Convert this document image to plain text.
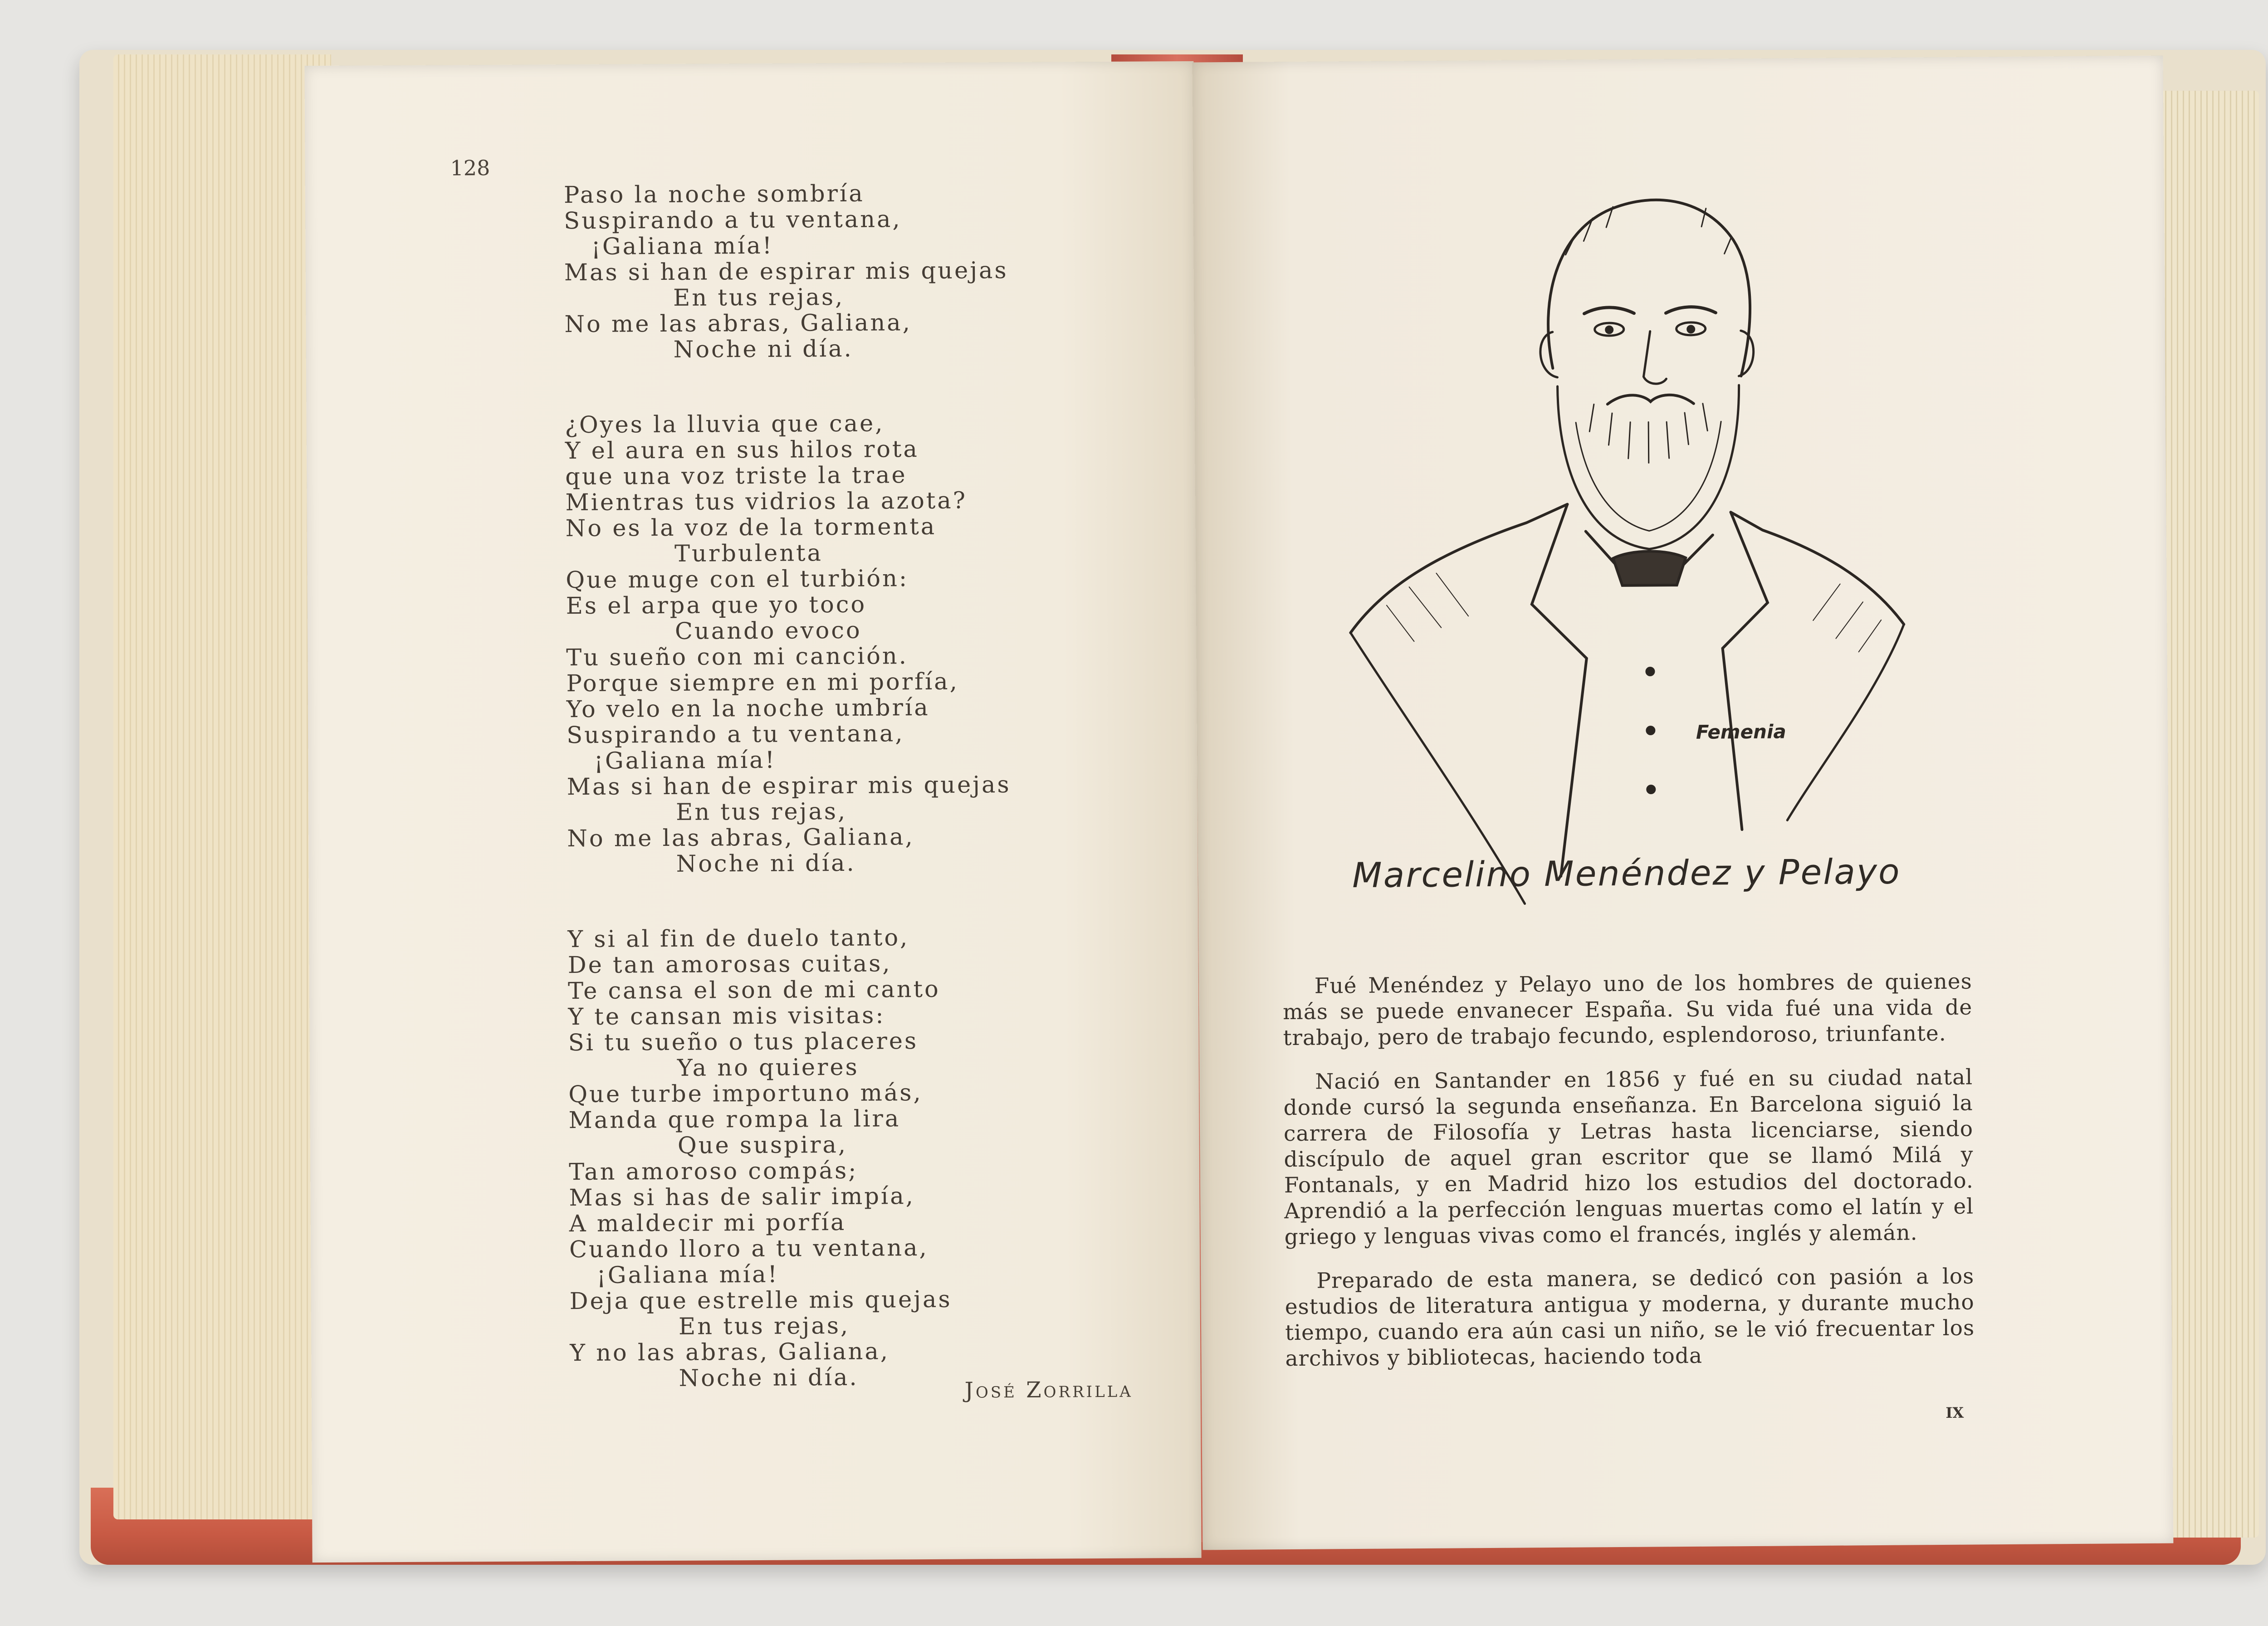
128
Paso la noche sombría
Suspirando a tu ventana,
¡Galiana mía!
Mas si han de espirar mis quejas
En tus rejas,
No me las abras, Galiana,
Noche ni día.
¿Oyes la lluvia que cae,
Y el aura en sus hilos rota
que una voz triste la trae
Mientras tus vidrios la azota?
No es la voz de la tormenta
Turbulenta
Que muge con el turbión:
Es el arpa que yo toco
Cuando evoco
Tu sueño con mi canción.
Porque siempre en mi porfía,
Yo velo en la noche umbría
Suspirando a tu ventana,
¡Galiana mía!
Mas si han de espirar mis quejas
En tus rejas,
No me las abras, Galiana,
Noche ni día.
Y si al fin de duelo tanto,
De tan amorosas cuitas,
Te cansa el son de mi canto
Y te cansan mis visitas:
Si tu sueño o tus placeres
Ya no quieres
Que turbe importuno más,
Manda que rompa la lira
Que suspira,
Tan amoroso compás;
Mas si has de salir impía,
A maldecir mi porfía
Cuando lloro a tu ventana,
¡Galiana mía!
Deja que estrelle mis quejas
En tus rejas,
Y no las abras, Galiana,
Noche ni día.	José Zorrilla
Femenia
Marcelino Menéndez y Pelayo

Fué Menéndez y Pelayo uno de los hombres de quienes más se puede envanecer España. Su vida fué una vida de trabajo, pero de trabajo fecundo, esplendoroso, triunfante.

Nació en Santander en 1856 y fué en su ciudad natal donde cursó la segunda enseñanza. En Barcelona siguió la carrera de Filosofía y Letras hasta licenciarse, siendo discípulo de aquel gran escritor que se llamó Milá y Fontanals, y en Madrid hizo los estudios del doctorado. Aprendió a la perfección lenguas muertas como el latín y el griego y lenguas vivas como el francés, inglés y alemán.

Preparado de esta manera, se dedicó con pasión a los estudios de literatura antigua y moderna, y durante mucho tiempo, cuando era aún casi un niño, se le vió frecuentar los archivos y bibliotecas, haciendo toda

IX
